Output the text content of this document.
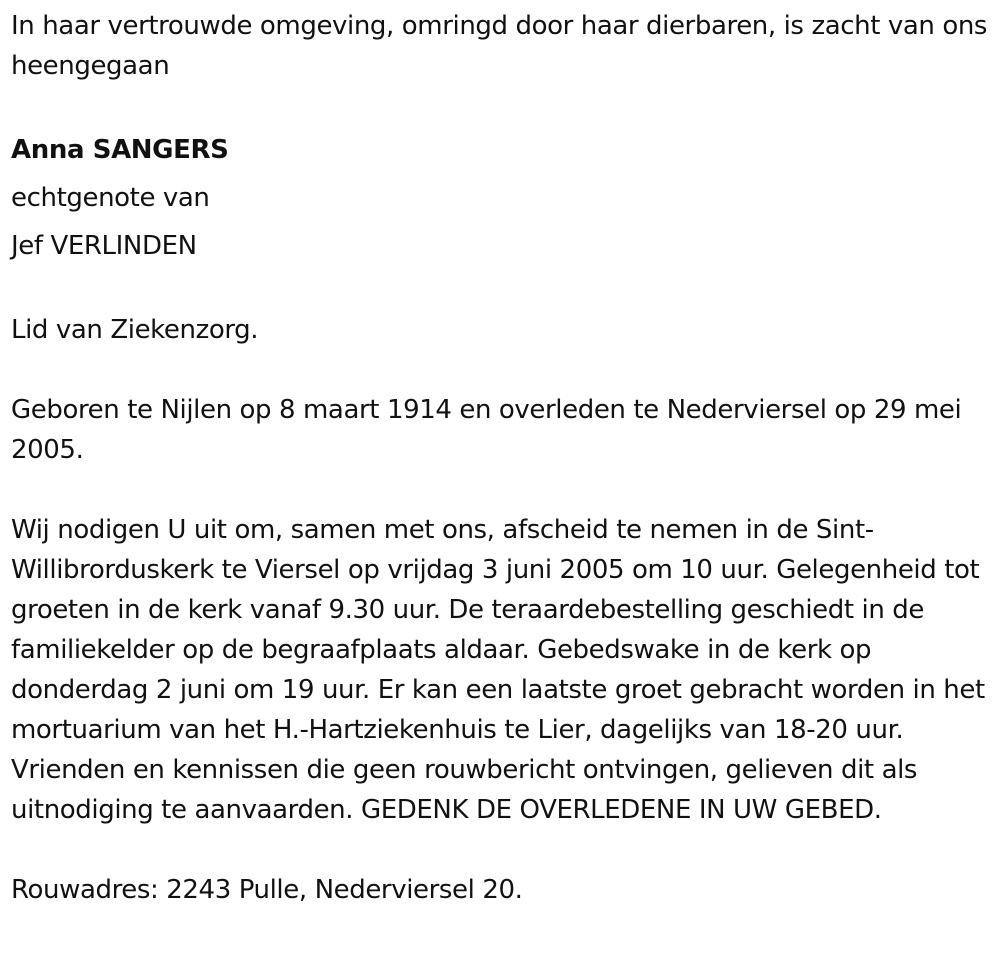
In haar vertrouwde omgeving, omringd door haar dierbaren, is zacht van ons heengegaan

Anna SANGERS

echtgenote van

Jef VERLINDEN

Lid van Ziekenzorg.

Geboren te Nijlen op 8 maart 1914 en overleden te Nederviersel op 29 mei 2005.

Wij nodigen U uit om, samen met ons, afscheid te nemen in de Sint-Willibrorduskerk te Viersel op vrijdag 3 juni 2005 om 10 uur. Gelegenheid tot groeten in de kerk vanaf 9.30 uur. De teraardebestelling geschiedt in de familiekelder op de begraafplaats aldaar. Gebedswake in de kerk op donderdag 2 juni om 19 uur. Er kan een laatste groet gebracht worden in het mortuarium van het H.-Hartziekenhuis te Lier, dagelijks van 18-20 uur. Vrienden en kennissen die geen rouwbericht ontvingen, gelieven dit als uitnodiging te aanvaarden. GEDENK DE OVERLEDENE IN UW GEBED.

Rouwadres: 2243 Pulle, Nederviersel 20.
